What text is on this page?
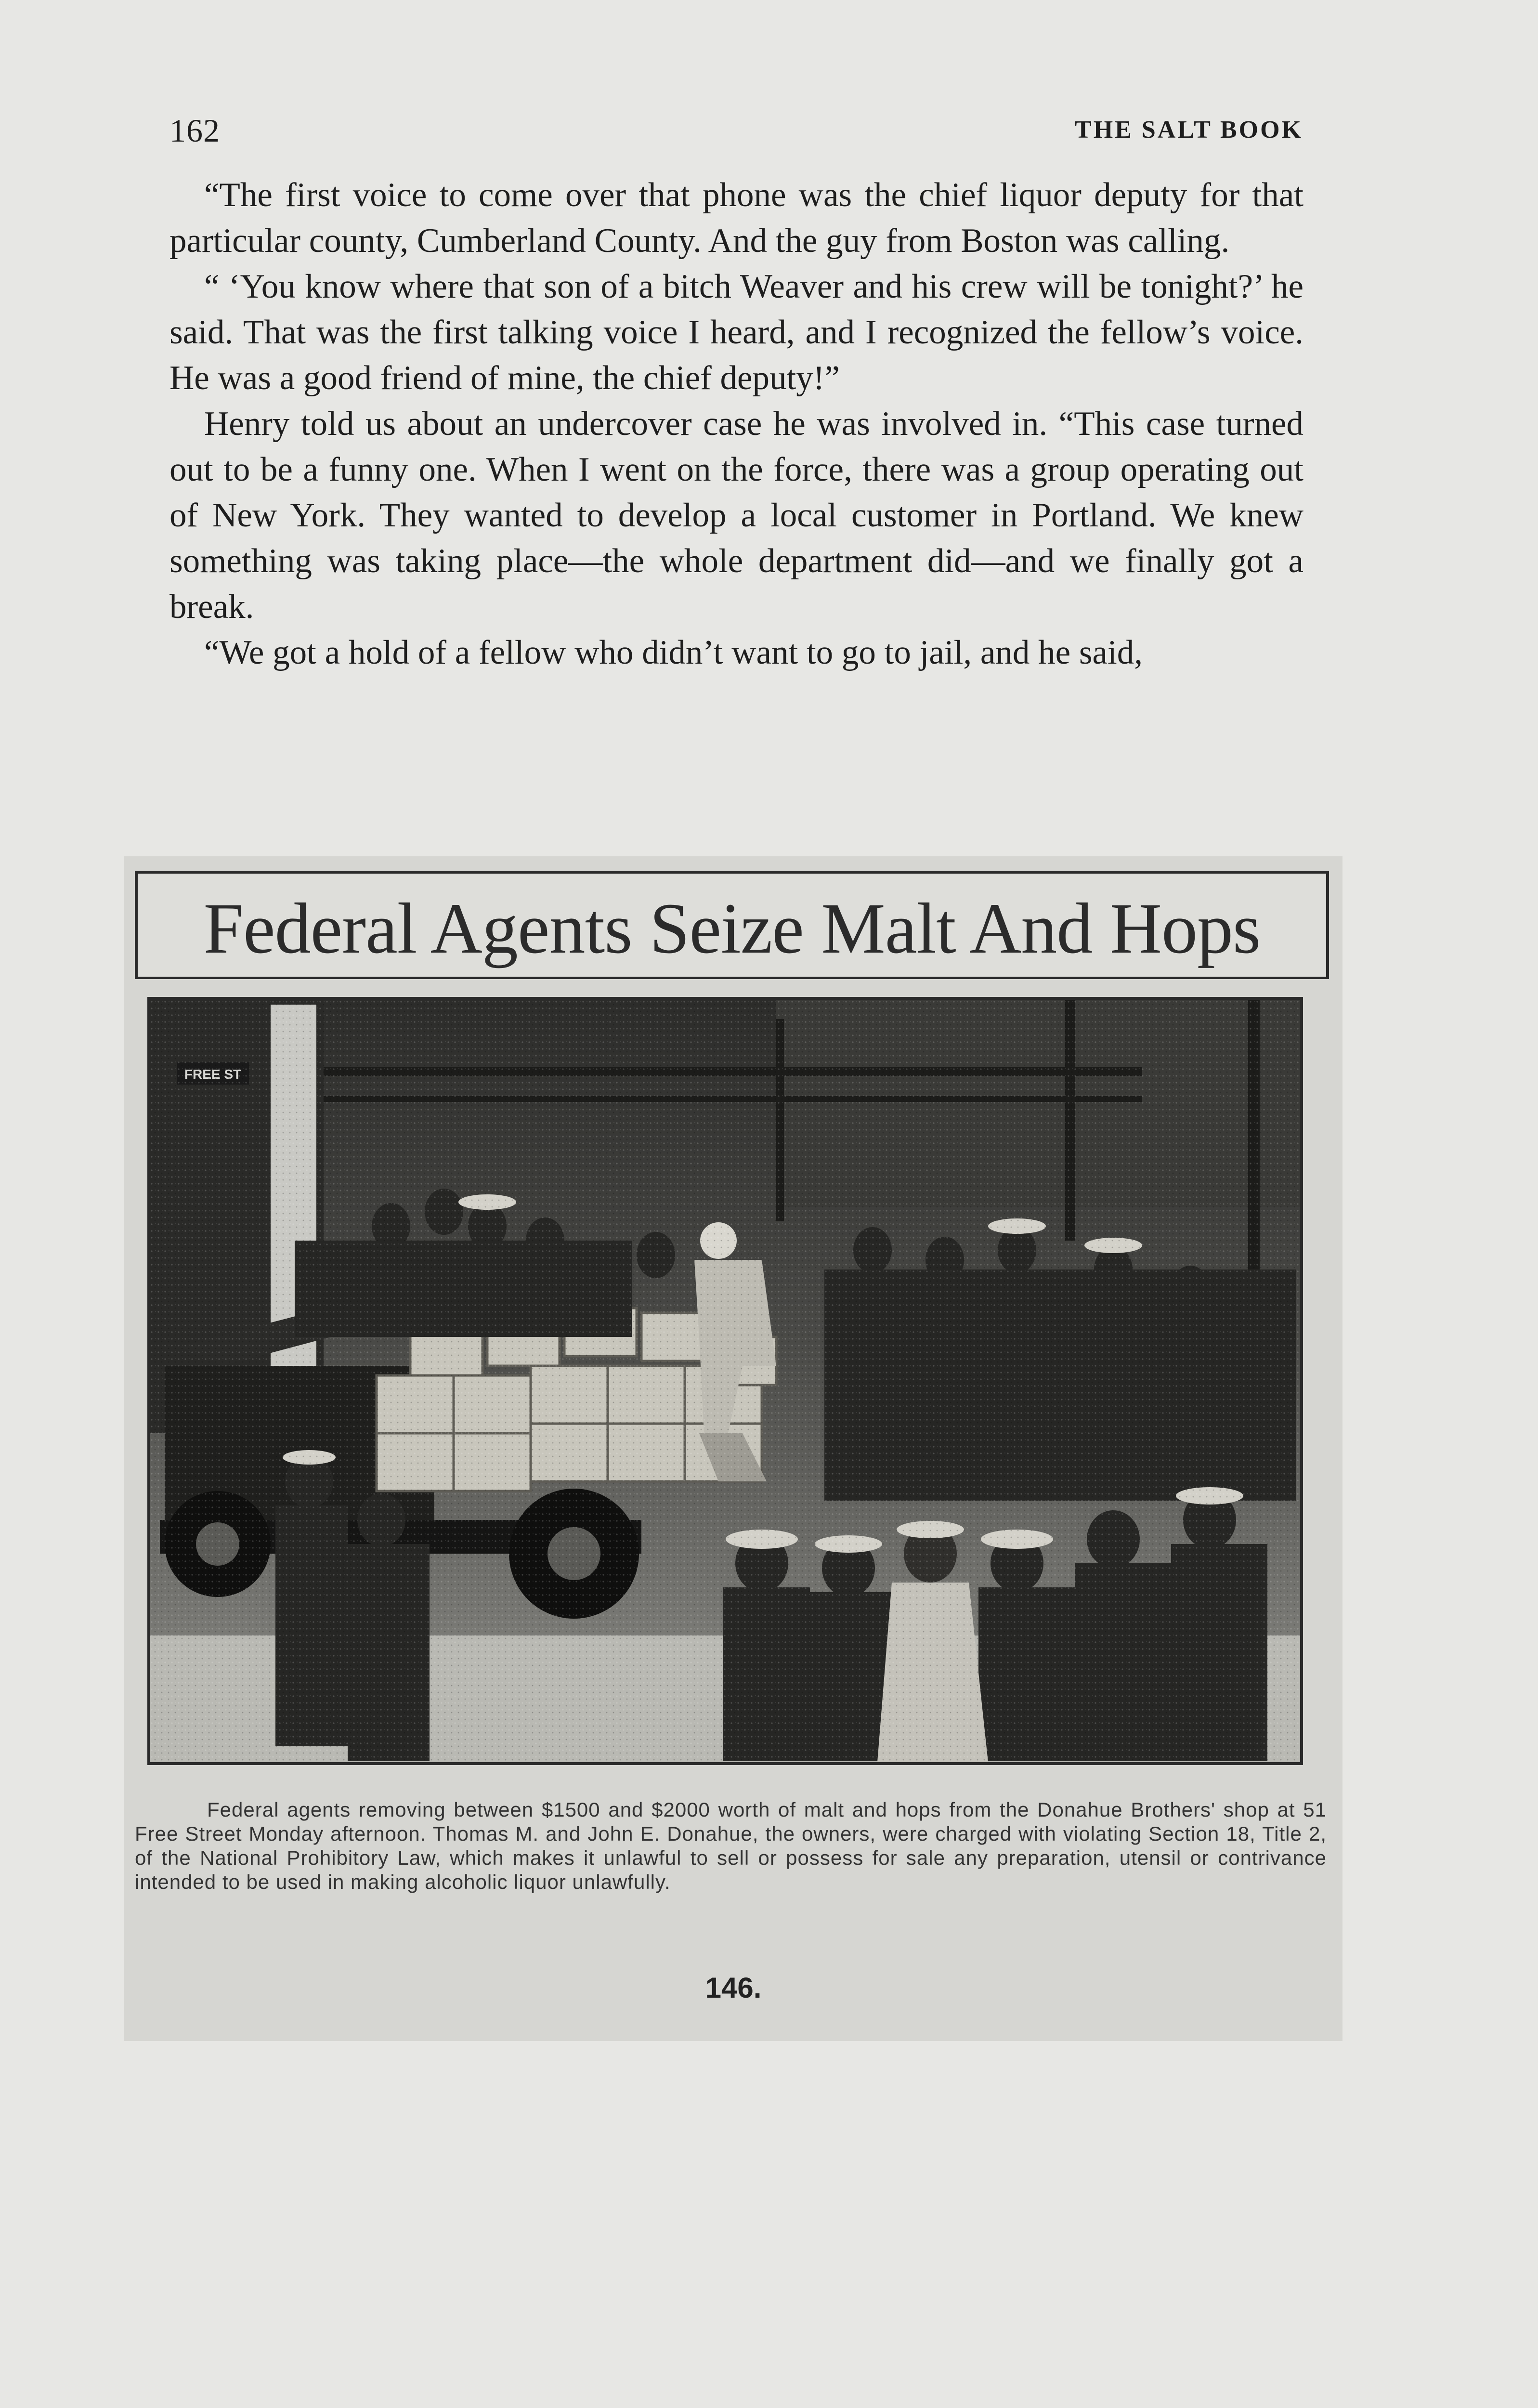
162	THE SALT BOOK

“The first voice to come over that phone was the chief liquor deputy for that particular county, Cumberland County. And the guy from Boston was calling.

“ ‘You know where that son of a bitch Weaver and his crew will be tonight?’ he said. That was the first talking voice I heard, and I recognized the fellow’s voice. He was a good friend of mine, the chief deputy!”

Henry told us about an undercover case he was involved in. “This case turned out to be a funny one. When I went on the force, there was a group operating out of New York. They wanted to develop a local customer in Portland. We knew something was taking place—the whole department did—and we finally got a break.

“We got a hold of a fellow who didn’t want to go to jail, and he said,

Federal Agents Seize Malt And Hops

Federal agents removing between $1500 and $2000 worth of malt and hops from the Donahue Brothers' shop at 51 Free Street Monday afternoon. Thomas M. and John E. Donahue, the owners, were charged with violating Section 18, Title 2, of the National Prohibitory Law, which makes it unlawful to sell or possess for sale any preparation, utensil or contrivance intended to be used in making alcoholic liquor unlawfully.

146.
